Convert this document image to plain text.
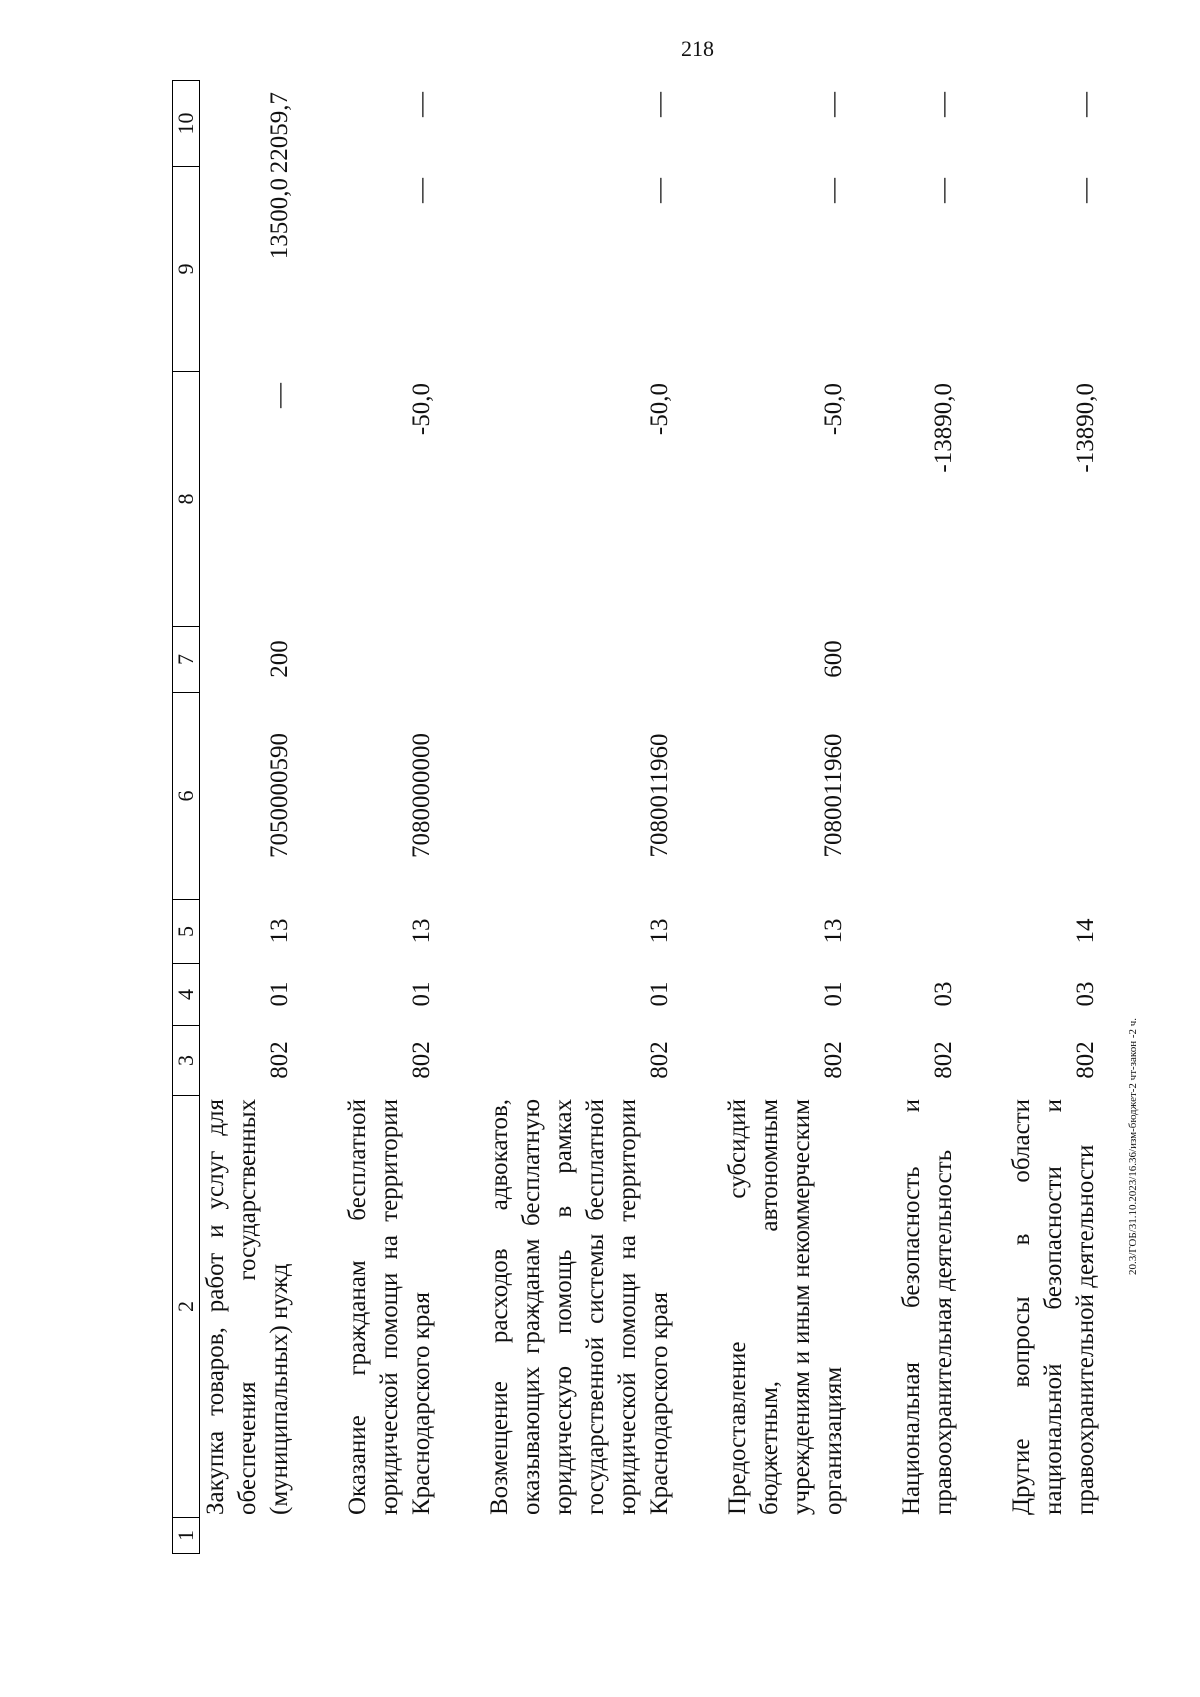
218
20.3/ГОБ/31.10.2023/16.36/изм-бюджет-2 чт-закон -2 ч.
1
2
3
4
5
6
7
8
9
10
Закупка товаров, работ и услуг для обеспечения государственных (муниципальных) нужд
802
01
13
7050000590
200
—
13500,0
22059,7
Оказание гражданам бесплатной юридической помощи на территории Краснодарского края
802
01
13
7080000000
-50,0
—
—
Возмещение расходов адвокатов, оказывающих гражданам бесплатную юридическую помощь в рамках государственной системы бесплатной юридической помощи на территории Краснодарского края
802
01
13
7080011960
-50,0
—
—
Предоставление субсидий бюджетным, автономным учреждениям и иным некоммерческим организациям
802
01
13
7080011960
600
-50,0
—
—
Национальная безопасность и правоохранительная деятельность
802
03
-13890,0
—
—
Другие вопросы в области национальной безопасности и правоохранительной деятельности
802
03
14
-13890,0
—
—
